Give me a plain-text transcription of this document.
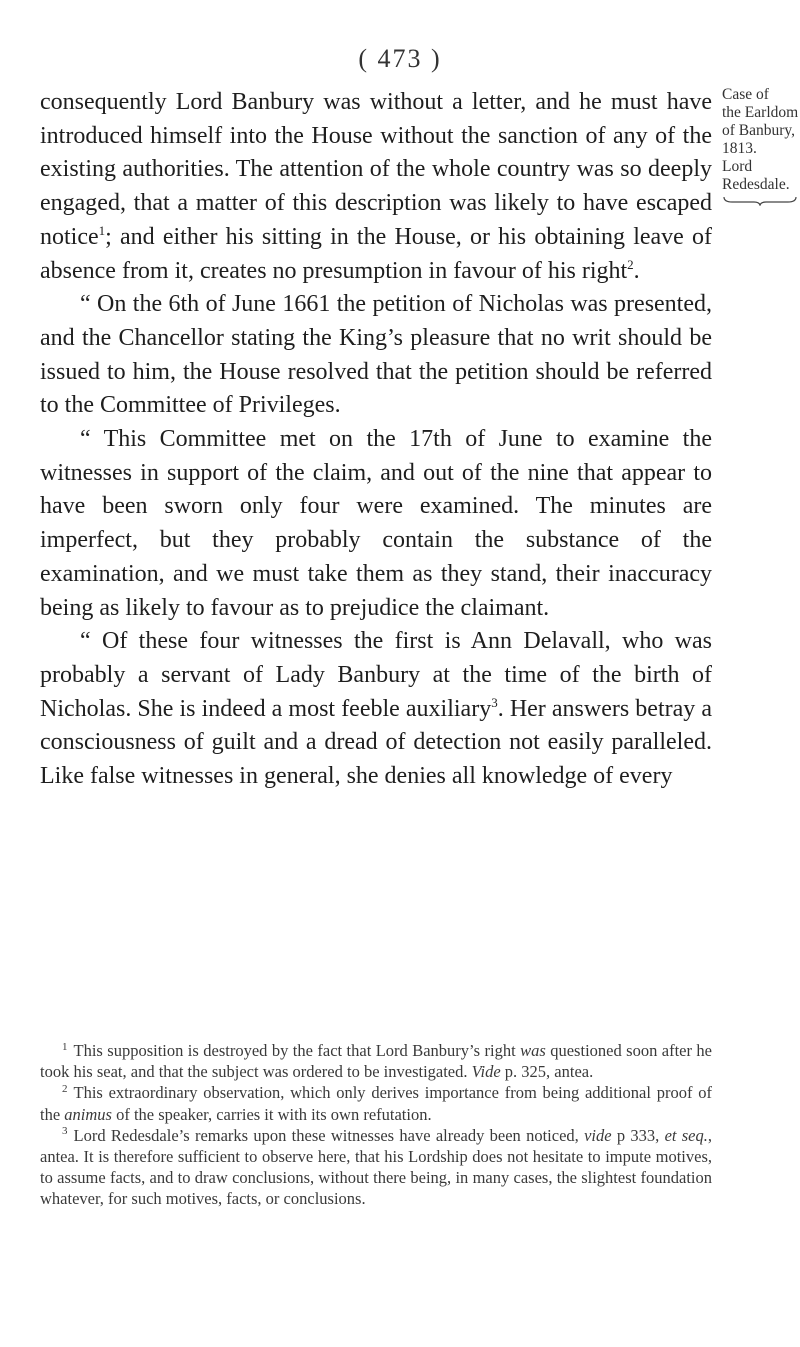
( 473 )
Case of
the Earldom
of Banbury,
1813.
Lord
Redesdale.

consequently Lord Banbury was without a letter, and he must have introduced himself into the House without the sanction of any of the existing authorities. The attention of the whole country was so deeply engaged, that a matter of this description was likely to have escaped notice$^1$; and either his sitting in the House, or his obtaining leave of absence from it, creates no presumption in favour of his right$^2$.

“ On the 6th of June 1661 the petition of Nicholas was presented, and the Chancellor stating the King’s pleasure that no writ should be issued to him, the House resolved that the petition should be referred to the Committee of Privileges.

“ This Committee met on the 17th of June to examine the witnesses in support of the claim, and out of the nine that appear to have been sworn only four were examined. The minutes are imperfect, but they probably contain the substance of the examination, and we must take them as they stand, their inaccuracy being as likely to favour as to prejudice the claimant.

“ Of these four witnesses the first is Ann Delavall, who was probably a servant of Lady Banbury at the time of the birth of Nicholas. She is indeed a most feeble auxiliary$^3$. Her answers betray a consciousness of guilt and a dread of detection not easily paralleled. Like false witnesses in general, she denies all knowledge of every

$^1$ This supposition is destroyed by the fact that Lord Banbury’s right was questioned soon after he took his seat, and that the subject was ordered to be investigated. Vide p. 325, antea.

$^2$ This extraordinary observation, which only derives importance from being additional proof of the animus of the speaker, carries it with its own refutation.

$^3$ Lord Redesdale’s remarks upon these witnesses have already been noticed, vide p 333, et seq., antea. It is therefore sufficient to observe here, that his Lordship does not hesitate to impute motives, to assume facts, and to draw conclusions, without there being, in many cases, the slightest foundation whatever, for such motives, facts, or conclusions.
